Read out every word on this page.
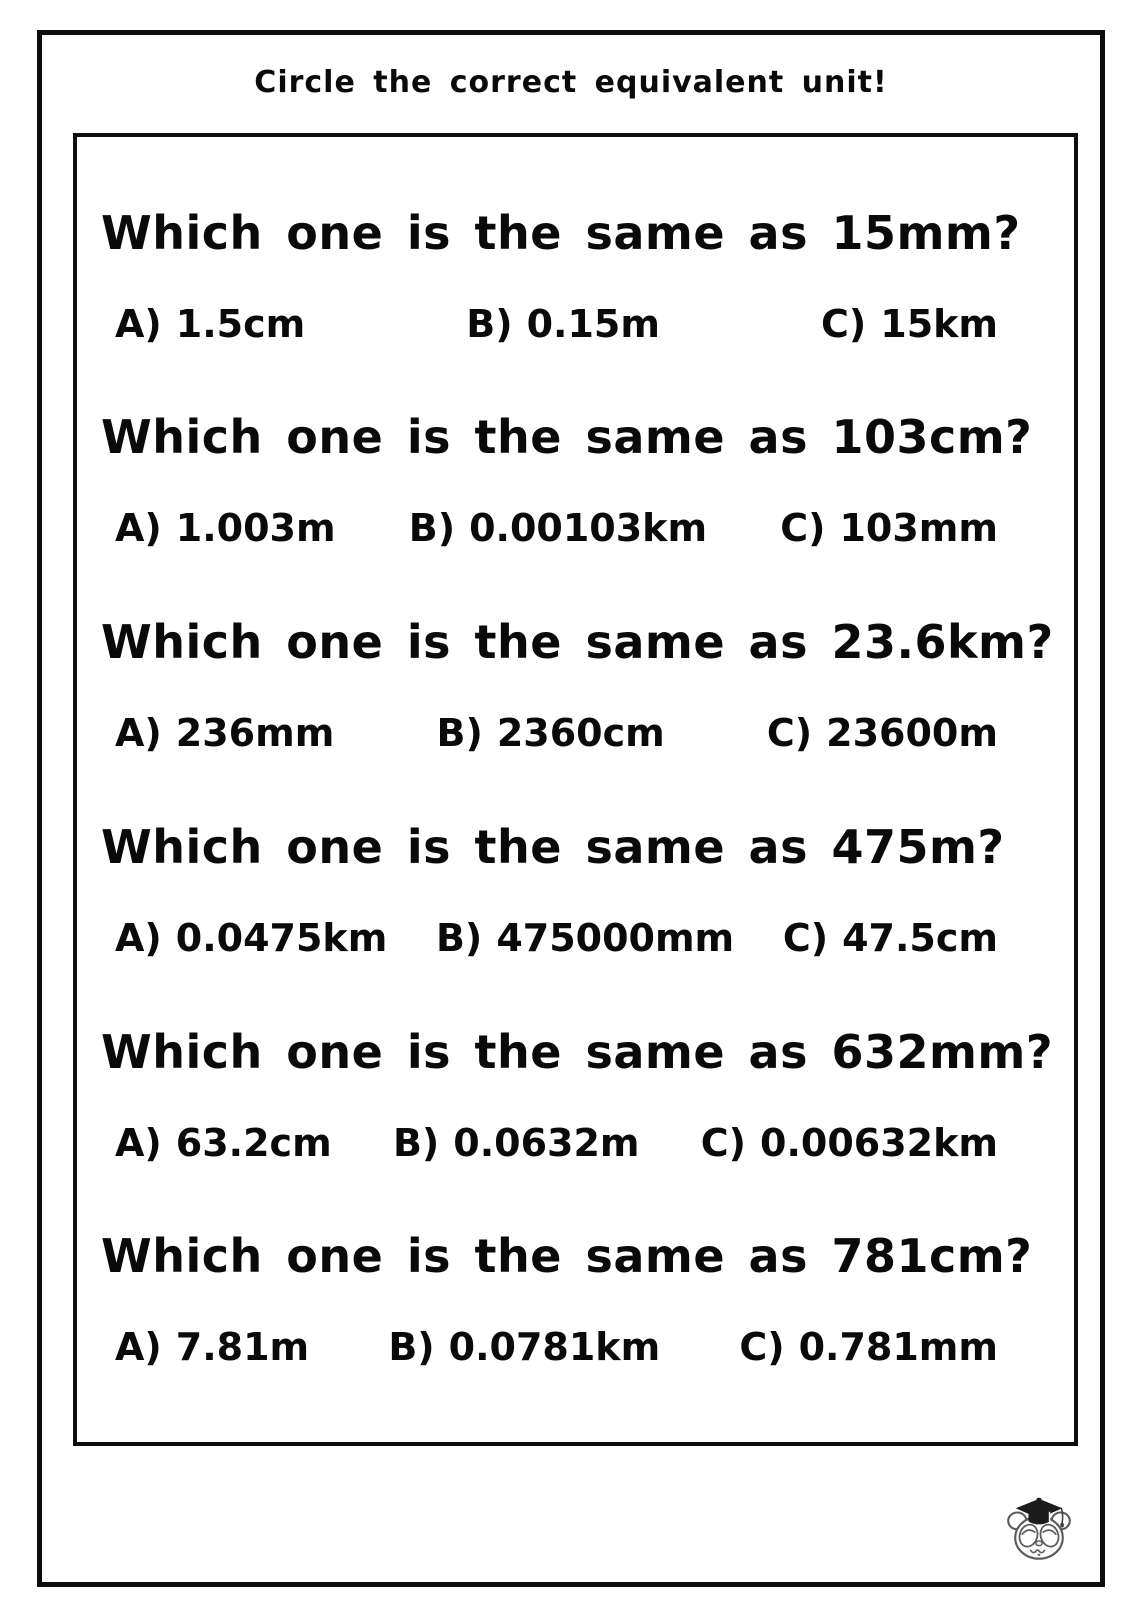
Circle the correct equivalent unit!
Which one is the same as 15mm?
A) 1.5cm	B) 0.15m	C) 15km
Which one is the same as 103cm?
A) 1.003m B) 0.00103km C) 103mm
Which one is the same as 23.6km?
A) 236mm	B) 2360cm	C) 23600m
Which one is the same as 475m?
A) 0.0475km B) 475000mm C) 47.5cm
Which one is the same as 632mm?
A) 63.2cm B) 0.0632m C) 0.00632km
Which one is the same as 781cm?
A) 7.81m B) 0.0781km C) 0.781mm
